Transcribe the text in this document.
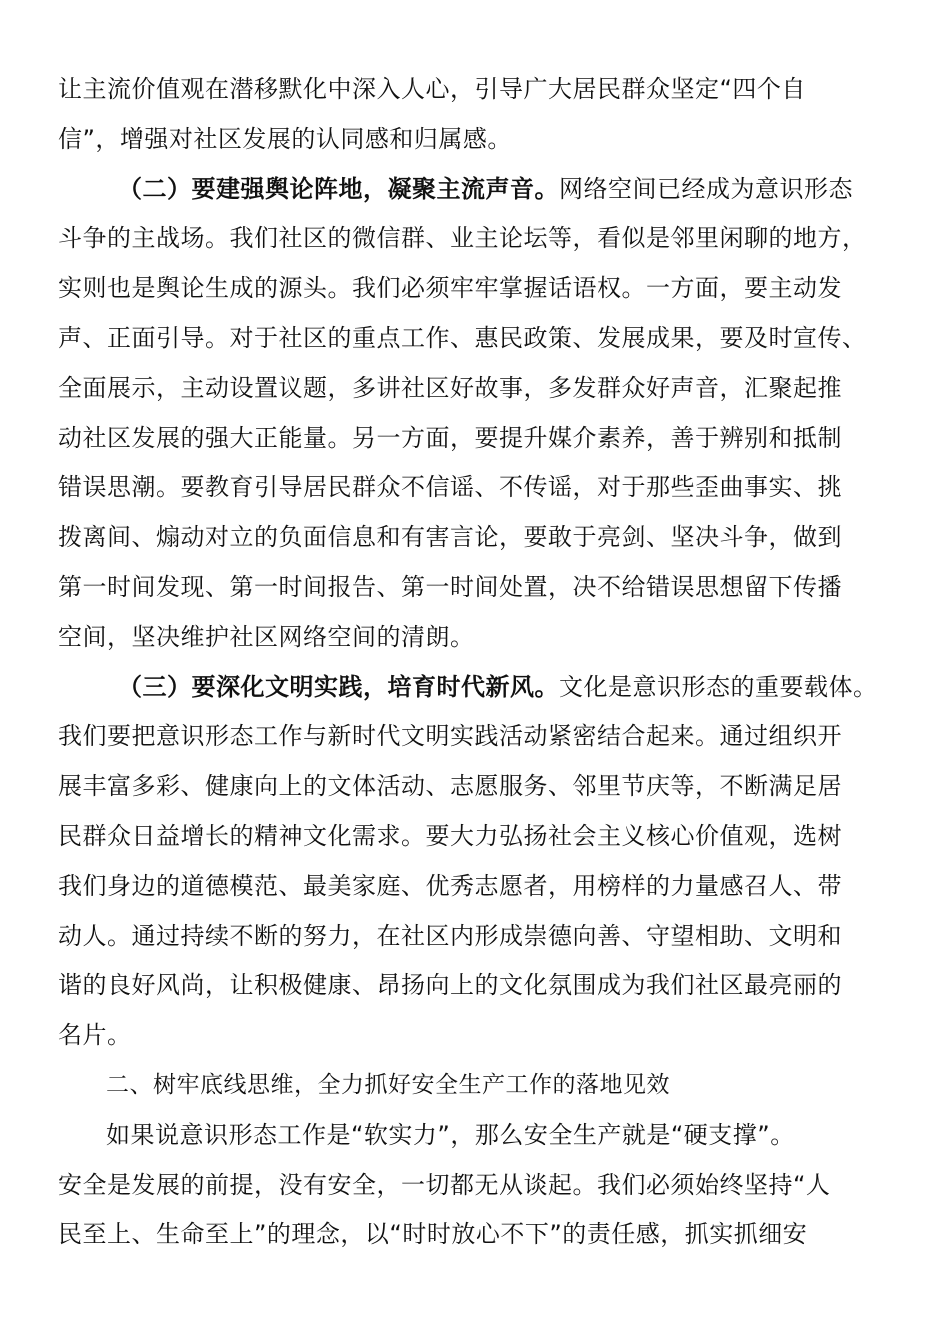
让主流价值观在潜移默化中深入人心，引导广大居民群众坚定“四个自
信”，增强对社区发展的认同感和归属感。
（二）要建强舆论阵地，凝聚主流声音。网络空间已经成为意识形态
斗争的主战场。我们社区的微信群、业主论坛等，看似是邻里闲聊的地方，
实则也是舆论生成的源头。我们必须牢牢掌握话语权。一方面，要主动发
声、正面引导。对于社区的重点工作、惠民政策、发展成果，要及时宣传、
全面展示，主动设置议题，多讲社区好故事，多发群众好声音，汇聚起推
动社区发展的强大正能量。另一方面，要提升媒介素养，善于辨别和抵制
错误思潮。要教育引导居民群众不信谣、不传谣，对于那些歪曲事实、挑
拨离间、煽动对立的负面信息和有害言论，要敢于亮剑、坚决斗争，做到
第一时间发现、第一时间报告、第一时间处置，决不给错误思想留下传播
空间，坚决维护社区网络空间的清朗。
（三）要深化文明实践，培育时代新风。文化是意识形态的重要载体。
我们要把意识形态工作与新时代文明实践活动紧密结合起来。通过组织开
展丰富多彩、健康向上的文体活动、志愿服务、邻里节庆等，不断满足居
民群众日益增长的精神文化需求。要大力弘扬社会主义核心价值观，选树
我们身边的道德模范、最美家庭、优秀志愿者，用榜样的力量感召人、带
动人。通过持续不断的努力，在社区内形成崇德向善、守望相助、文明和
谐的良好风尚，让积极健康、昂扬向上的文化氛围成为我们社区最亮丽的
名片。
二、树牢底线思维，全力抓好安全生产工作的落地见效
如果说意识形态工作是“软实力”，那么安全生产就是“硬支撑”。
安全是发展的前提，没有安全，一切都无从谈起。我们必须始终坚持“人
民至上、生命至上”的理念，以“时时放心不下”的责任感，抓实抓细安
